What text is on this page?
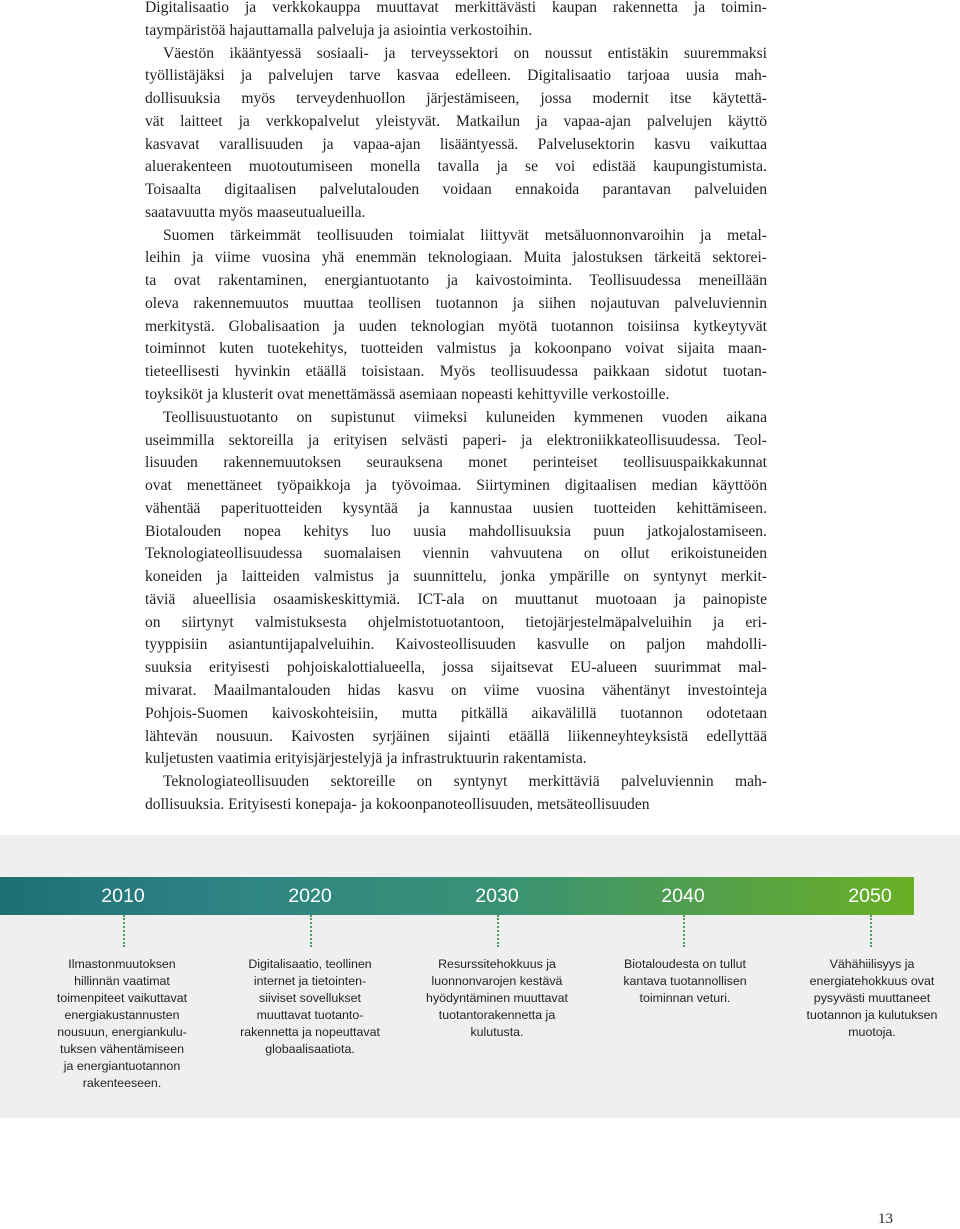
Digitalisaatio ja verkkokauppa muuttavat merkittävästi kaupan rakennetta ja toimin-
taympäristöä hajauttamalla palveluja ja asiointia verkostoihin.
Väestön ikääntyessä sosiaali- ja terveyssektori on noussut entistäkin suuremmaksi
työllistäjäksi ja palvelujen tarve kasvaa edelleen. Digitalisaatio tarjoaa uusia mah-
dollisuuksia myös terveydenhuollon järjestämiseen, jossa modernit itse käytettä-
vät laitteet ja verkkopalvelut yleistyvät. Matkailun ja vapaa-ajan palvelujen käyttö
kasvavat varallisuuden ja vapaa-ajan lisääntyessä. Palvelusektorin kasvu vaikuttaa
aluerakenteen muotoutumiseen monella tavalla ja se voi edistää kaupungistumista.
Toisaalta digitaalisen palvelutalouden voidaan ennakoida parantavan palveluiden
saatavuutta myös maaseutualueilla.
Suomen tärkeimmät teollisuuden toimialat liittyvät metsäluonnonvaroihin ja metal-
leihin ja viime vuosina yhä enemmän teknologiaan. Muita jalostuksen tärkeitä sektorei-
ta ovat rakentaminen, energiantuotanto ja kaivostoiminta. Teollisuudessa meneillään
oleva rakennemuutos muuttaa teollisen tuotannon ja siihen nojautuvan palveluviennin
merkitystä. Globalisaation ja uuden teknologian myötä tuotannon toisiinsa kytkeytyvät
toiminnot kuten tuotekehitys, tuotteiden valmistus ja kokoonpano voivat sijaita maan-
tieteellisesti hyvinkin etäällä toisistaan. Myös teollisuudessa paikkaan sidotut tuotan-
toyksiköt ja klusterit ovat menettämässä asemiaan nopeasti kehittyville verkostoille.
Teollisuustuotanto on supistunut viimeksi kuluneiden kymmenen vuoden aikana
useimmilla sektoreilla ja erityisen selvästi paperi- ja elektroniikkateollisuudessa. Teol-
lisuuden rakennemuutoksen seurauksena monet perinteiset teollisuuspaikkakunnat
ovat menettäneet työpaikkoja ja työvoimaa. Siirtyminen digitaalisen median käyttöön
vähentää paperituotteiden kysyntää ja kannustaa uusien tuotteiden kehittämiseen.
Biotalouden nopea kehitys luo uusia mahdollisuuksia puun jatkojalostamiseen.
Teknologiateollisuudessa suomalaisen viennin vahvuutena on ollut erikoistuneiden
koneiden ja laitteiden valmistus ja suunnittelu, jonka ympärille on syntynyt merkit-
täviä alueellisia osaamiskeskittymiä. ICT-ala on muuttanut muotoaan ja painopiste
on siirtynyt valmistuksesta ohjelmistotuotantoon, tietojärjestelmäpalveluihin ja eri-
tyyppisiin asiantuntijapalveluihin. Kaivosteollisuuden kasvulle on paljon mahdolli-
suuksia erityisesti pohjoiskalottialueella, jossa sijaitsevat EU-alueen suurimmat mal-
mivarat. Maailmantalouden hidas kasvu on viime vuosina vähentänyt investointeja
Pohjois-Suomen kaivoskohteisiin, mutta pitkällä aikavälillä tuotannon odotetaan
lähtevän nousuun. Kaivosten syrjäinen sijainti etäällä liikenneyhteyksistä edellyttää
kuljetusten vaatimia erityisjärjestelyjä ja infrastruktuurin rakentamista.
Teknologiateollisuuden sektoreille on syntynyt merkittäviä palveluviennin mah-
dollisuuksia. Erityisesti konepaja- ja kokoonpanoteollisuuden, metsäteollisuuden
2010	2020	2030	2040	2050
Ilmastonmuutoksen
hillinnän vaatimat
toimenpiteet vaikuttavat
energiakustannusten
nousuun, energiankulu-
tuksen vähentämiseen
ja energiantuotannon
rakenteeseen.
Digitalisaatio, teollinen
internet ja tietointen-
siiviset sovellukset
muuttavat tuotanto-
rakennetta ja nopeuttavat
globaalisaatiota.
Resurssitehokkuus ja
luonnonvarojen kestävä
hyödyntäminen muuttavat
tuotantorakennetta ja
kulutusta.
Biotaloudesta on tullut
kantava tuotannollisen
toiminnan veturi.
Vähähiilisyys ja
energiatehokkuus ovat
pysyvästi muuttaneet
tuotannon ja kulutuksen
muotoja.
13
